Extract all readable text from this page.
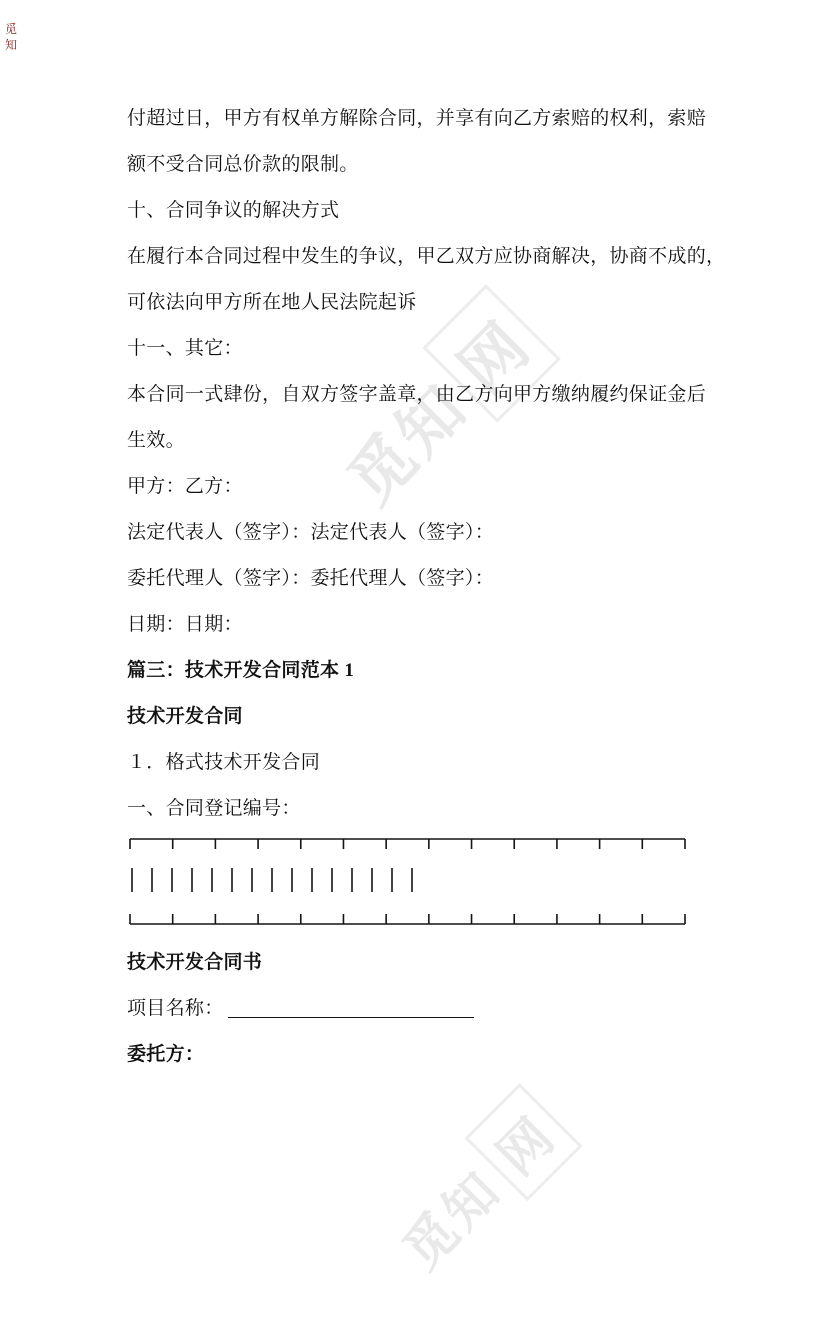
觅
知
觅知网
觅知网

付超过日，甲方有权单方解除合同，并享有向乙方索赔的权利，索赔

额不受合同总价款的限制。

十、合同争议的解决方式

在履行本合同过程中发生的争议，甲乙双方应协商解决，协商不成的，

可依法向甲方所在地人民法院起诉

十一、其它：

本合同一式肆份，自双方签字盖章，由乙方向甲方缴纳履约保证金后

生效。

甲方：乙方：

法定代表人（签字）：法定代表人（签字）：

委托代理人（签字）：委托代理人（签字）：

日期：日期：

篇三：技术开发合同范本 1

技术开发合同

１．格式技术开发合同

一、合同登记编号：

技术开发合同书

项目名称：

委托方：
